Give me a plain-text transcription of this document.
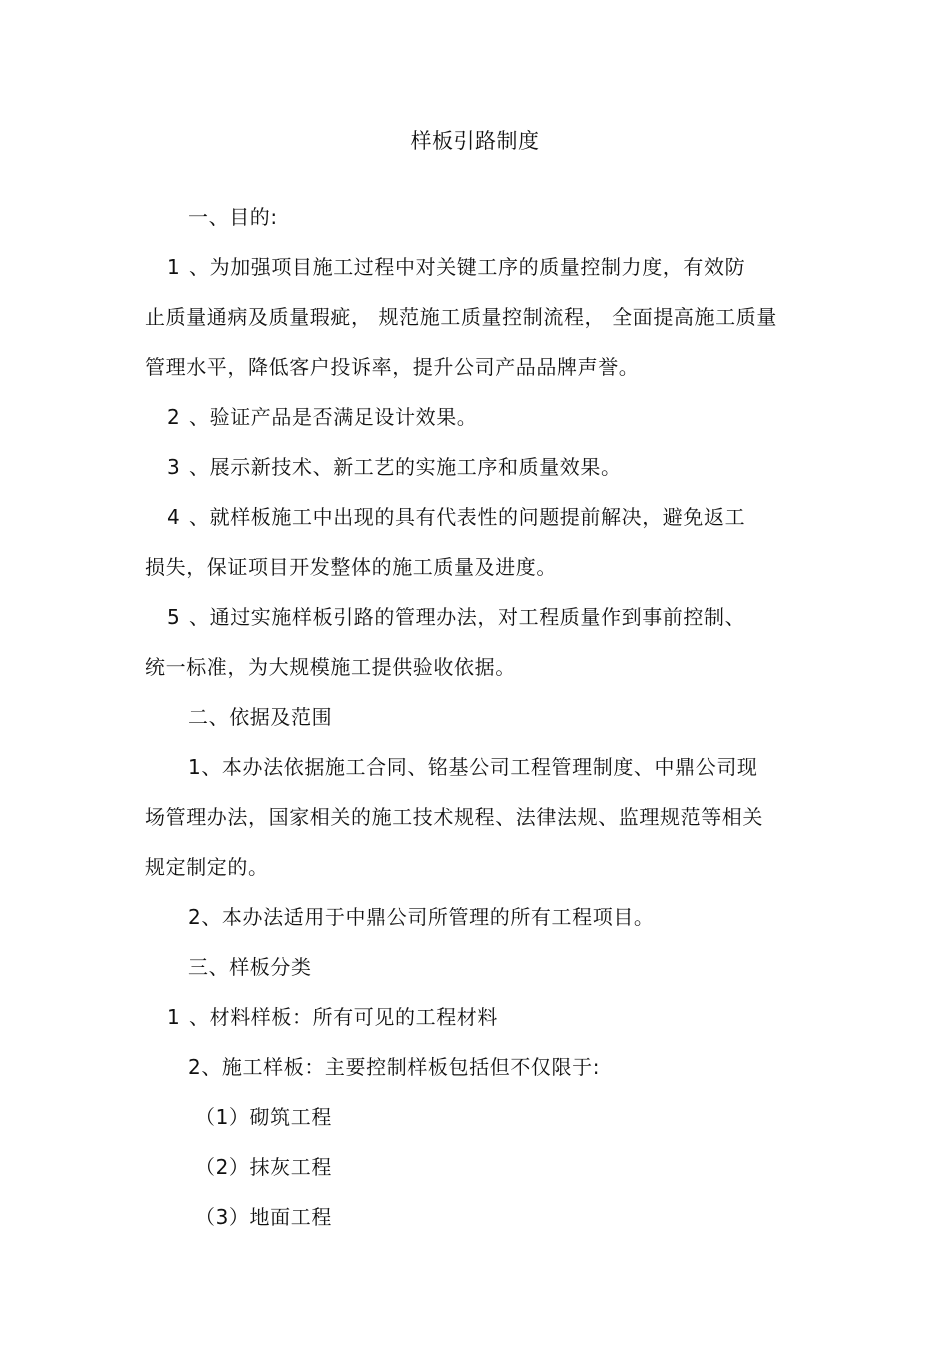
样板引路制度
一、目的:
1 、为加强项目施工过程中对关键工序的质量控制力度，有效防
止质量通病及质量瑕疵， 规范施工质量控制流程， 全面提高施工质量
管理水平，降低客户投诉率，提升公司产品品牌声誉。
2 、验证产品是否满足设计效果。
3 、展示新技术、新工艺的实施工序和质量效果。
4 、就样板施工中出现的具有代表性的问题提前解决，避免返工
损失，保证项目开发整体的施工质量及进度。
5 、通过实施样板引路的管理办法，对工程质量作到事前控制、
统一标准，为大规模施工提供验收依据。
二、依据及范围
1、本办法依据施工合同、铭基公司工程管理制度、中鼎公司现
场管理办法，国家相关的施工技术规程、法律法规、监理规范等相关
规定制定的。
2、本办法适用于中鼎公司所管理的所有工程项目。
三、样板分类
1 、材料样板：所有可见的工程材料
2、施工样板：主要控制样板包括但不仅限于:
（1）砌筑工程
（2）抹灰工程
（3）地面工程
